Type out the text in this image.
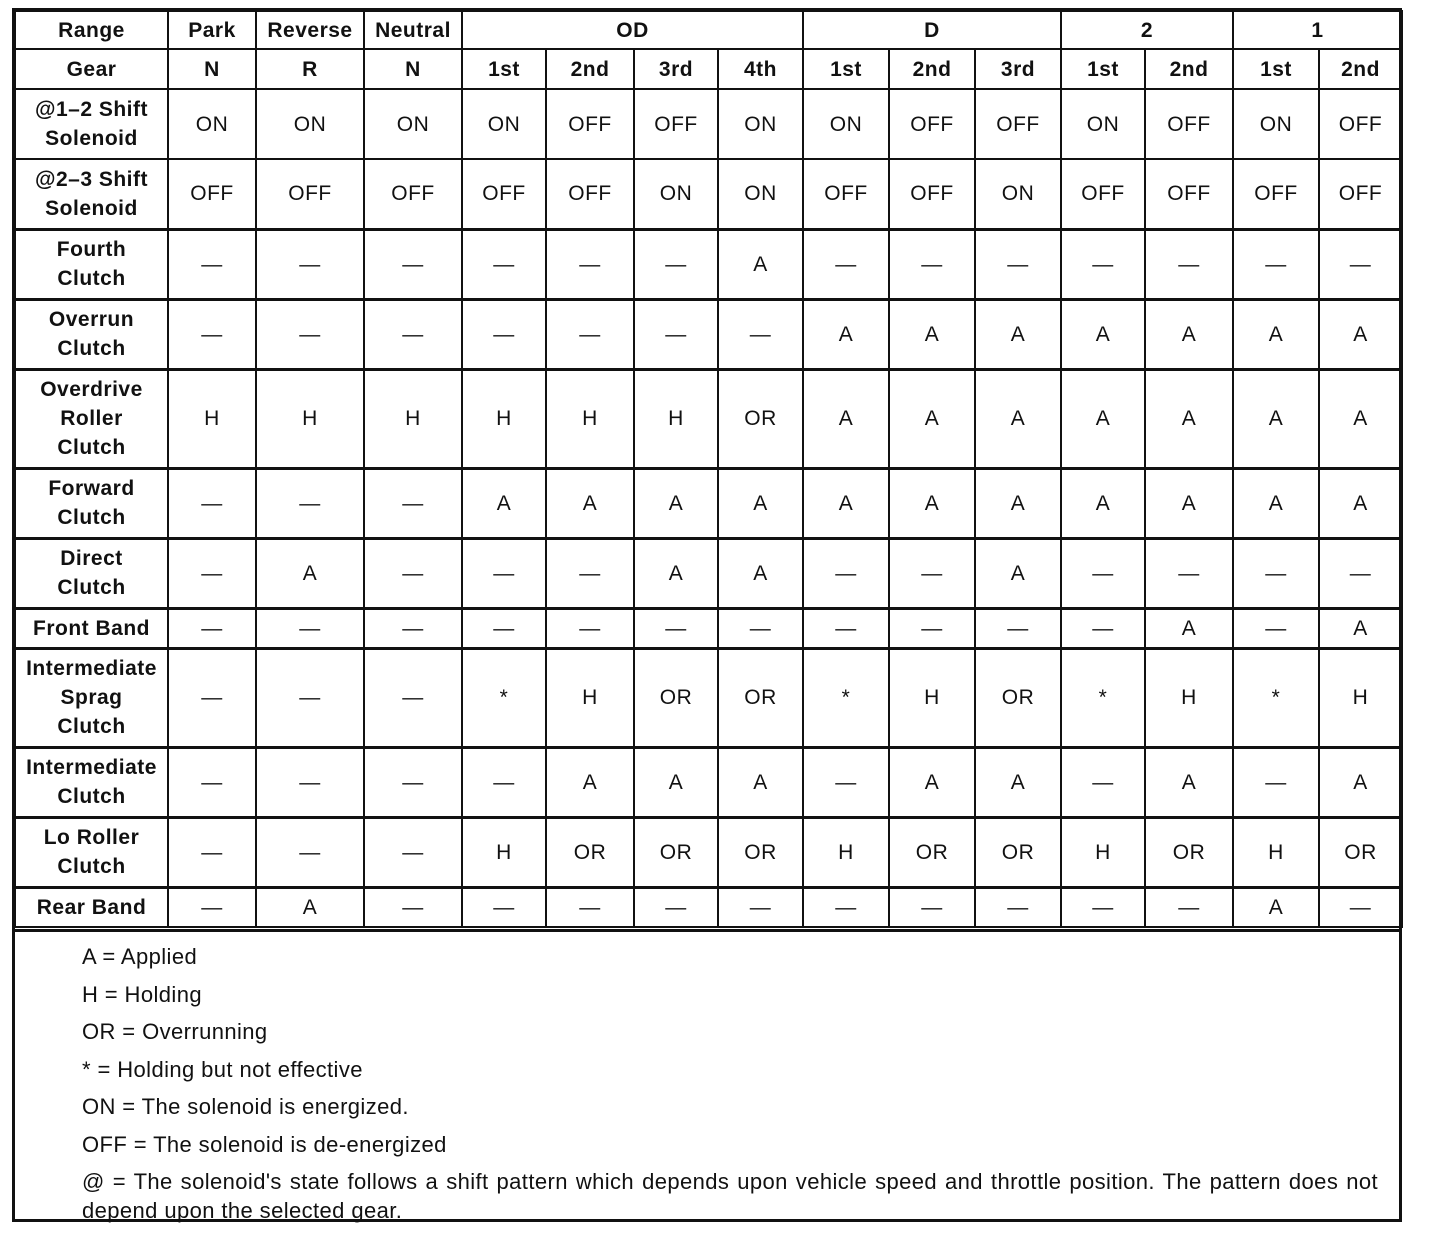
Range	Park	Reverse	Neutral	OD				D			2		1	
Gear	N	R	N	1st	2nd	3rd	4th	1st	2nd	3rd	1st	2nd	1st	2nd

@1–2 Shift
Solenoid	ON	ON	ON	ON	OFF	OFF	ON	ON	OFF	OFF	ON	OFF	ON	OFF

@2–3 Shift
Solenoid	OFF	OFF	OFF	OFF	OFF	ON	ON	OFF	OFF	ON	OFF	OFF	OFF	OFF

Fourth
Clutch	—	—	—	—	—	—	A	—	—	—	—	—	—	—

Overrun
Clutch	—	—	—	—	—	—	—	A	A	A	A	A	A	A

Overdrive
Roller
Clutch	H	H	H	H	H	H	OR	A	A	A	A	A	A	A

Forward
Clutch	—	—	—	A	A	A	A	A	A	A	A	A	A	A

Direct
Clutch	—	A	—	—	—	A	A	—	—	A	—	—	—	—

Front Band	—	—	—	—	—	—	—	—	—	—	—	A	—	A

Intermediate
Sprag
Clutch	—	—	—	*	H	OR	OR	*	H	OR	*	H	*	H

Intermediate
Clutch	—	—	—	—	A	A	A	—	A	A	—	A	—	A

Lo Roller
Clutch	—	—	—	H	OR	OR	OR	H	OR	OR	H	OR	H	OR

Rear Band	—	A	—	—	—	—	—	—	—	—	—	—	A	—
A = Applied
H = Holding
OR = Overrunning
* = Holding but not effective
ON = The solenoid is energized.
OFF = The solenoid is de-energized
@ = The solenoid's state follows a shift pattern which depends upon vehicle speed and throttle position. The pattern does not depend upon the selected gear.
